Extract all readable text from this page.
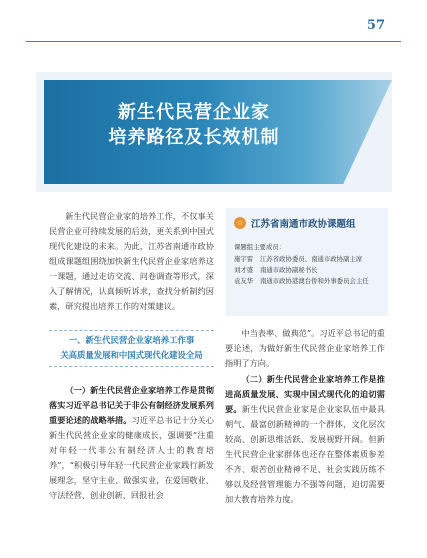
57
新生代民营企业家
培养路径及长效机制

新生代民营企业家的培养工作，不仅事关民营企业可持续发展的后劲，更关系到中国式现代化建设的未来。为此，江苏省南通市政协组成课题组围绕加快新生代民营企业家培养这一课题，通过走访交流、问卷调查等形式，深入了解情况，认真倾听诉求，查找分析制约因素，研究提出培养工作的对策建议。

一、新生代民营企业家培养工作事
关高质量发展和中国式现代化建设全局

（一）新生代民营企业家培养工作是贯彻落实习近平总书记关于非公有制经济发展系列重要论述的战略举措。习近平总书记十分关心新生代民营企业家的健康成长，强调要“注重对年轻一代非公有制经济人士的教育培养”，“积极引导年轻一代民营企业家践行新发展理念，坚守主业、做强实业，在爱国敬业、守法经营、创业创新、回报社会

☆ 江苏省南通市政协课题组
课题组主要成员：
施宇雷 江苏省政协委员、南通市政协副主席
刘才盛 南通市政协副秘书长
袁友华 南通市政协港澳台侨和外事委员会主任

中当表率、做典范”。习近平总书记的重要论述，为做好新生代民营企业家培养工作指明了方向。

（二）新生代民营企业家培养工作是推进高质量发展、实现中国式现代化的迫切需要。新生代民营企业家是企业家队伍中最具朝气、最富创新精神的一个群体，文化层次较高、创新思维活跃、发展视野开阔。但新生代民营企业家群体也还存在整体素质参差不齐、艰苦创业精神不足、社会实践历练不够以及经营管理能力不强等问题，迫切需要加大教育培养力度。
